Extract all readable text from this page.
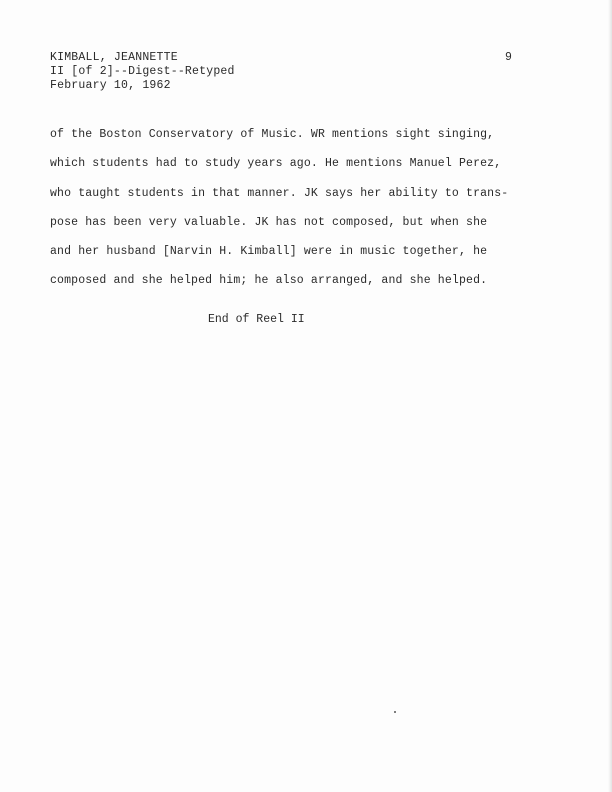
KIMBALL, JEANNETTE
II [of 2]--Digest--Retyped
February 10, 1962
9
of the Boston Conservatory of Music. WR mentions sight singing,
which students had to study years ago. He mentions Manuel Perez,
who taught students in that manner. JK says her ability to trans-
pose has been very valuable. JK has not composed, but when she
and her husband [Narvin H. Kimball] were in music together, he
composed and she helped him; he also arranged, and she helped.
End of Reel II
